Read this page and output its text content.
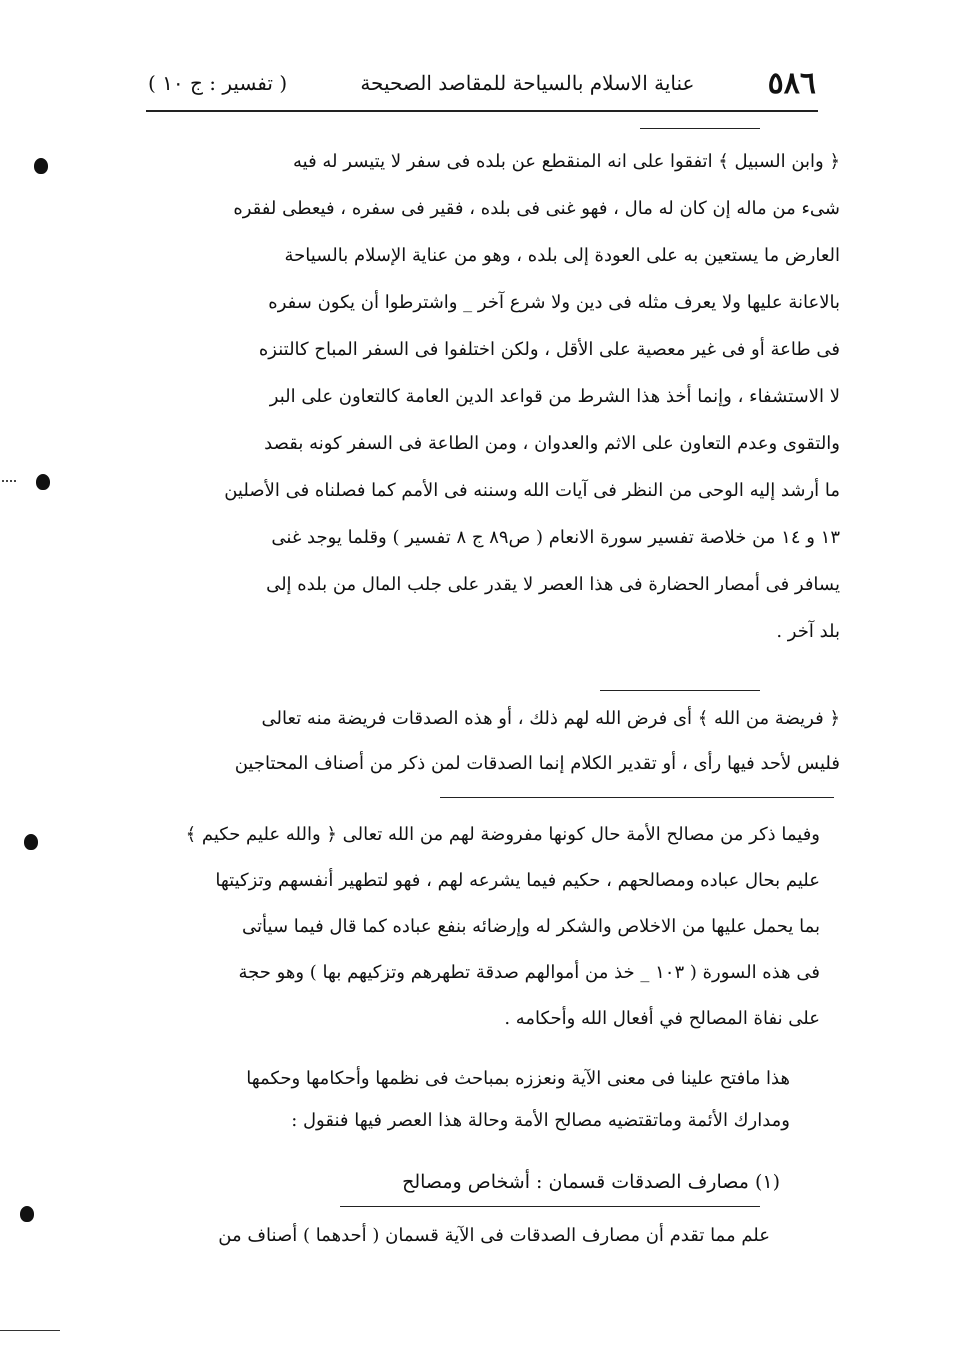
٥٨٦
عناية الاسلام بالسياحة للمقاصد الصحيحة
( تفسير : ج ١٠ )
﴿ وابن السبيل ﴾ اتفقوا على انه المنقطع عن بلده فى سفر لا يتيسر له فيه
شىء من ماله إن كان له مال ، فهو غنى فى بلده ، فقير فى سفره ، فيعطى لفقره
العارض ما يستعين به على العودة إلى بلده ، وهو من عناية الإسلام بالسياحة
بالاعانة عليها ولا يعرف مثله فى دين ولا شرع آخر _ واشترطوا أن يكون سفره
فى طاعة أو فى غير معصية على الأقل ، ولكن اختلفوا فى السفر المباح كالتنزه
لا الاستشفاء ، وإنما أخذ هذا الشرط من قواعد الدين العامة كالتعاون على البر
والتقوى وعدم التعاون على الاثم والعدوان ، ومن الطاعة فى السفر كونه بقصد
ما أرشد إليه الوحى من النظر فى آيات الله وسننه فى الأمم كما فصلناه فى الأصلين
١٣ و ١٤ من خلاصة تفسير سورة الانعام ( ص٨٩ ج ٨ تفسير ) وقلما يوجد غنى
يسافر فى أمصار الحضارة فى هذا العصر لا يقدر على جلب المال من بلده إلى
بلد آخر .
﴿ فريضة من الله ﴾ أى فرض الله لهم ذلك ، أو هذه الصدقات فريضة منه تعالى
فليس لأحد فيها رأى ، أو تقدير الكلام إنما الصدقات لمن ذكر من أصناف المحتاجين
وفيما ذكر من مصالح الأمة حال كونها مفروضة لهم من الله تعالى ﴿ والله عليم حكيم ﴾
عليم بحال عباده ومصالحهم ، حكيم فيما يشرعه لهم ، فهو لتطهير أنفسهم وتزكيتها
بما يحمل عليها من الاخلاص والشكر له وإرضائه بنفع عباده كما قال فيما سيأتى
فى هذه السورة ( ١٠٣ _ خذ من أموالهم صدقة تطهرهم وتزكيهم بها ) وهو حجة
على نفاة المصالح في أفعال الله وأحكامه .
هذا مافتح علينا فى معنى الآية ونعززه بمباحث فى نظمها وأحكامها وحكمها
ومدارك الأئمة وماتقتضيه مصالح الأمة وحالة هذا العصر فيها فنقول :
(١) مصارف الصدقات قسمان : أشخاص ومصالح
علم مما تقدم أن مصارف الصدقات فى الآية قسمان ( أحدهما ) أصناف من
